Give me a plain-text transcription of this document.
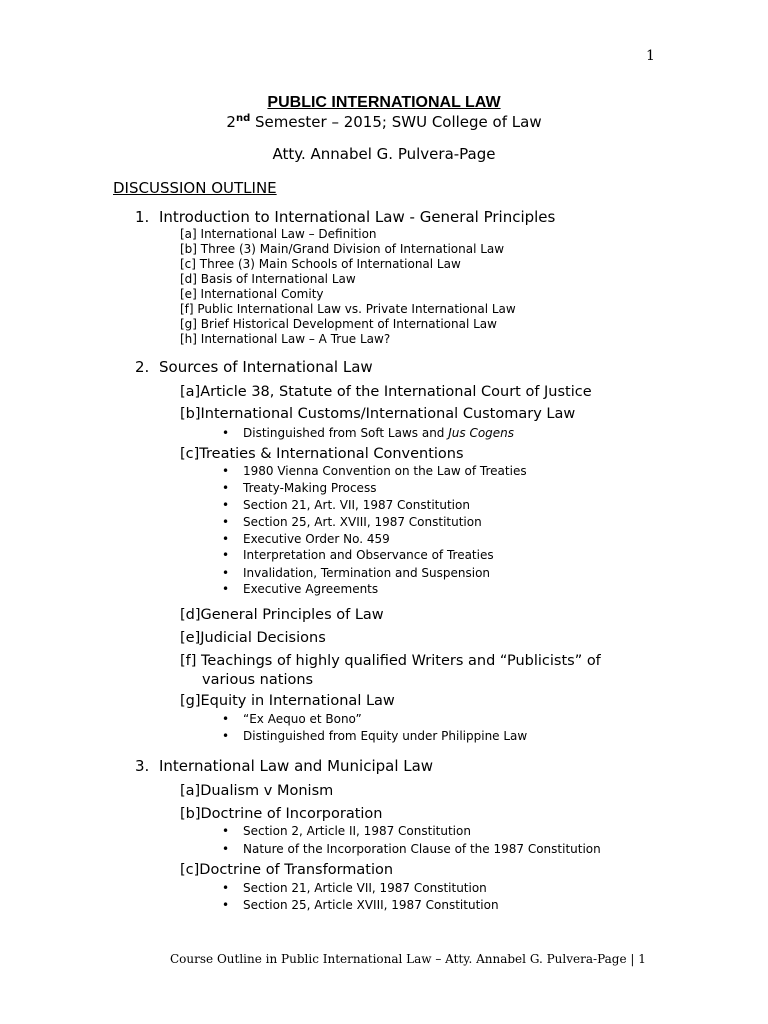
1
PUBLIC INTERNATIONAL LAW
2nd Semester – 2015; SWU College of Law
Atty. Annabel G. Pulvera-Page
DISCUSSION OUTLINE
1. Introduction to International Law - General Principles
[a] International Law – Definition
[b] Three (3) Main/Grand Division of International Law
[c] Three (3) Main Schools of International Law
[d] Basis of International Law
[e] International Comity
[f] Public International Law vs. Private International Law
[g] Brief Historical Development of International Law
[h] International Law – A True Law?
2. Sources of International Law
[a]Article 38, Statute of the International Court of Justice
[b]International Customs/International Customary Law
• Distinguished from Soft Laws and Jus Cogens
[c]Treaties & International Conventions
• 1980 Vienna Convention on the Law of Treaties
• Treaty-Making Process
• Section 21, Art. VII, 1987 Constitution
• Section 25, Art. XVIII, 1987 Constitution
• Executive Order No. 459
• Interpretation and Observance of Treaties
• Invalidation, Termination and Suspension
• Executive Agreements
[d]General Principles of Law
[e]Judicial Decisions
[f] Teachings of highly qualified Writers and “Publicists” of
various nations
[g]Equity in International Law
• “Ex Aequo et Bono”
• Distinguished from Equity under Philippine Law
3. International Law and Municipal Law
[a]Dualism v Monism
[b]Doctrine of Incorporation
• Section 2, Article II, 1987 Constitution
• Nature of the Incorporation Clause of the 1987 Constitution
[c]Doctrine of Transformation
• Section 21, Article VII, 1987 Constitution
• Section 25, Article XVIII, 1987 Constitution
Course Outline in Public International Law – Atty. Annabel G. Pulvera-Page | 1
